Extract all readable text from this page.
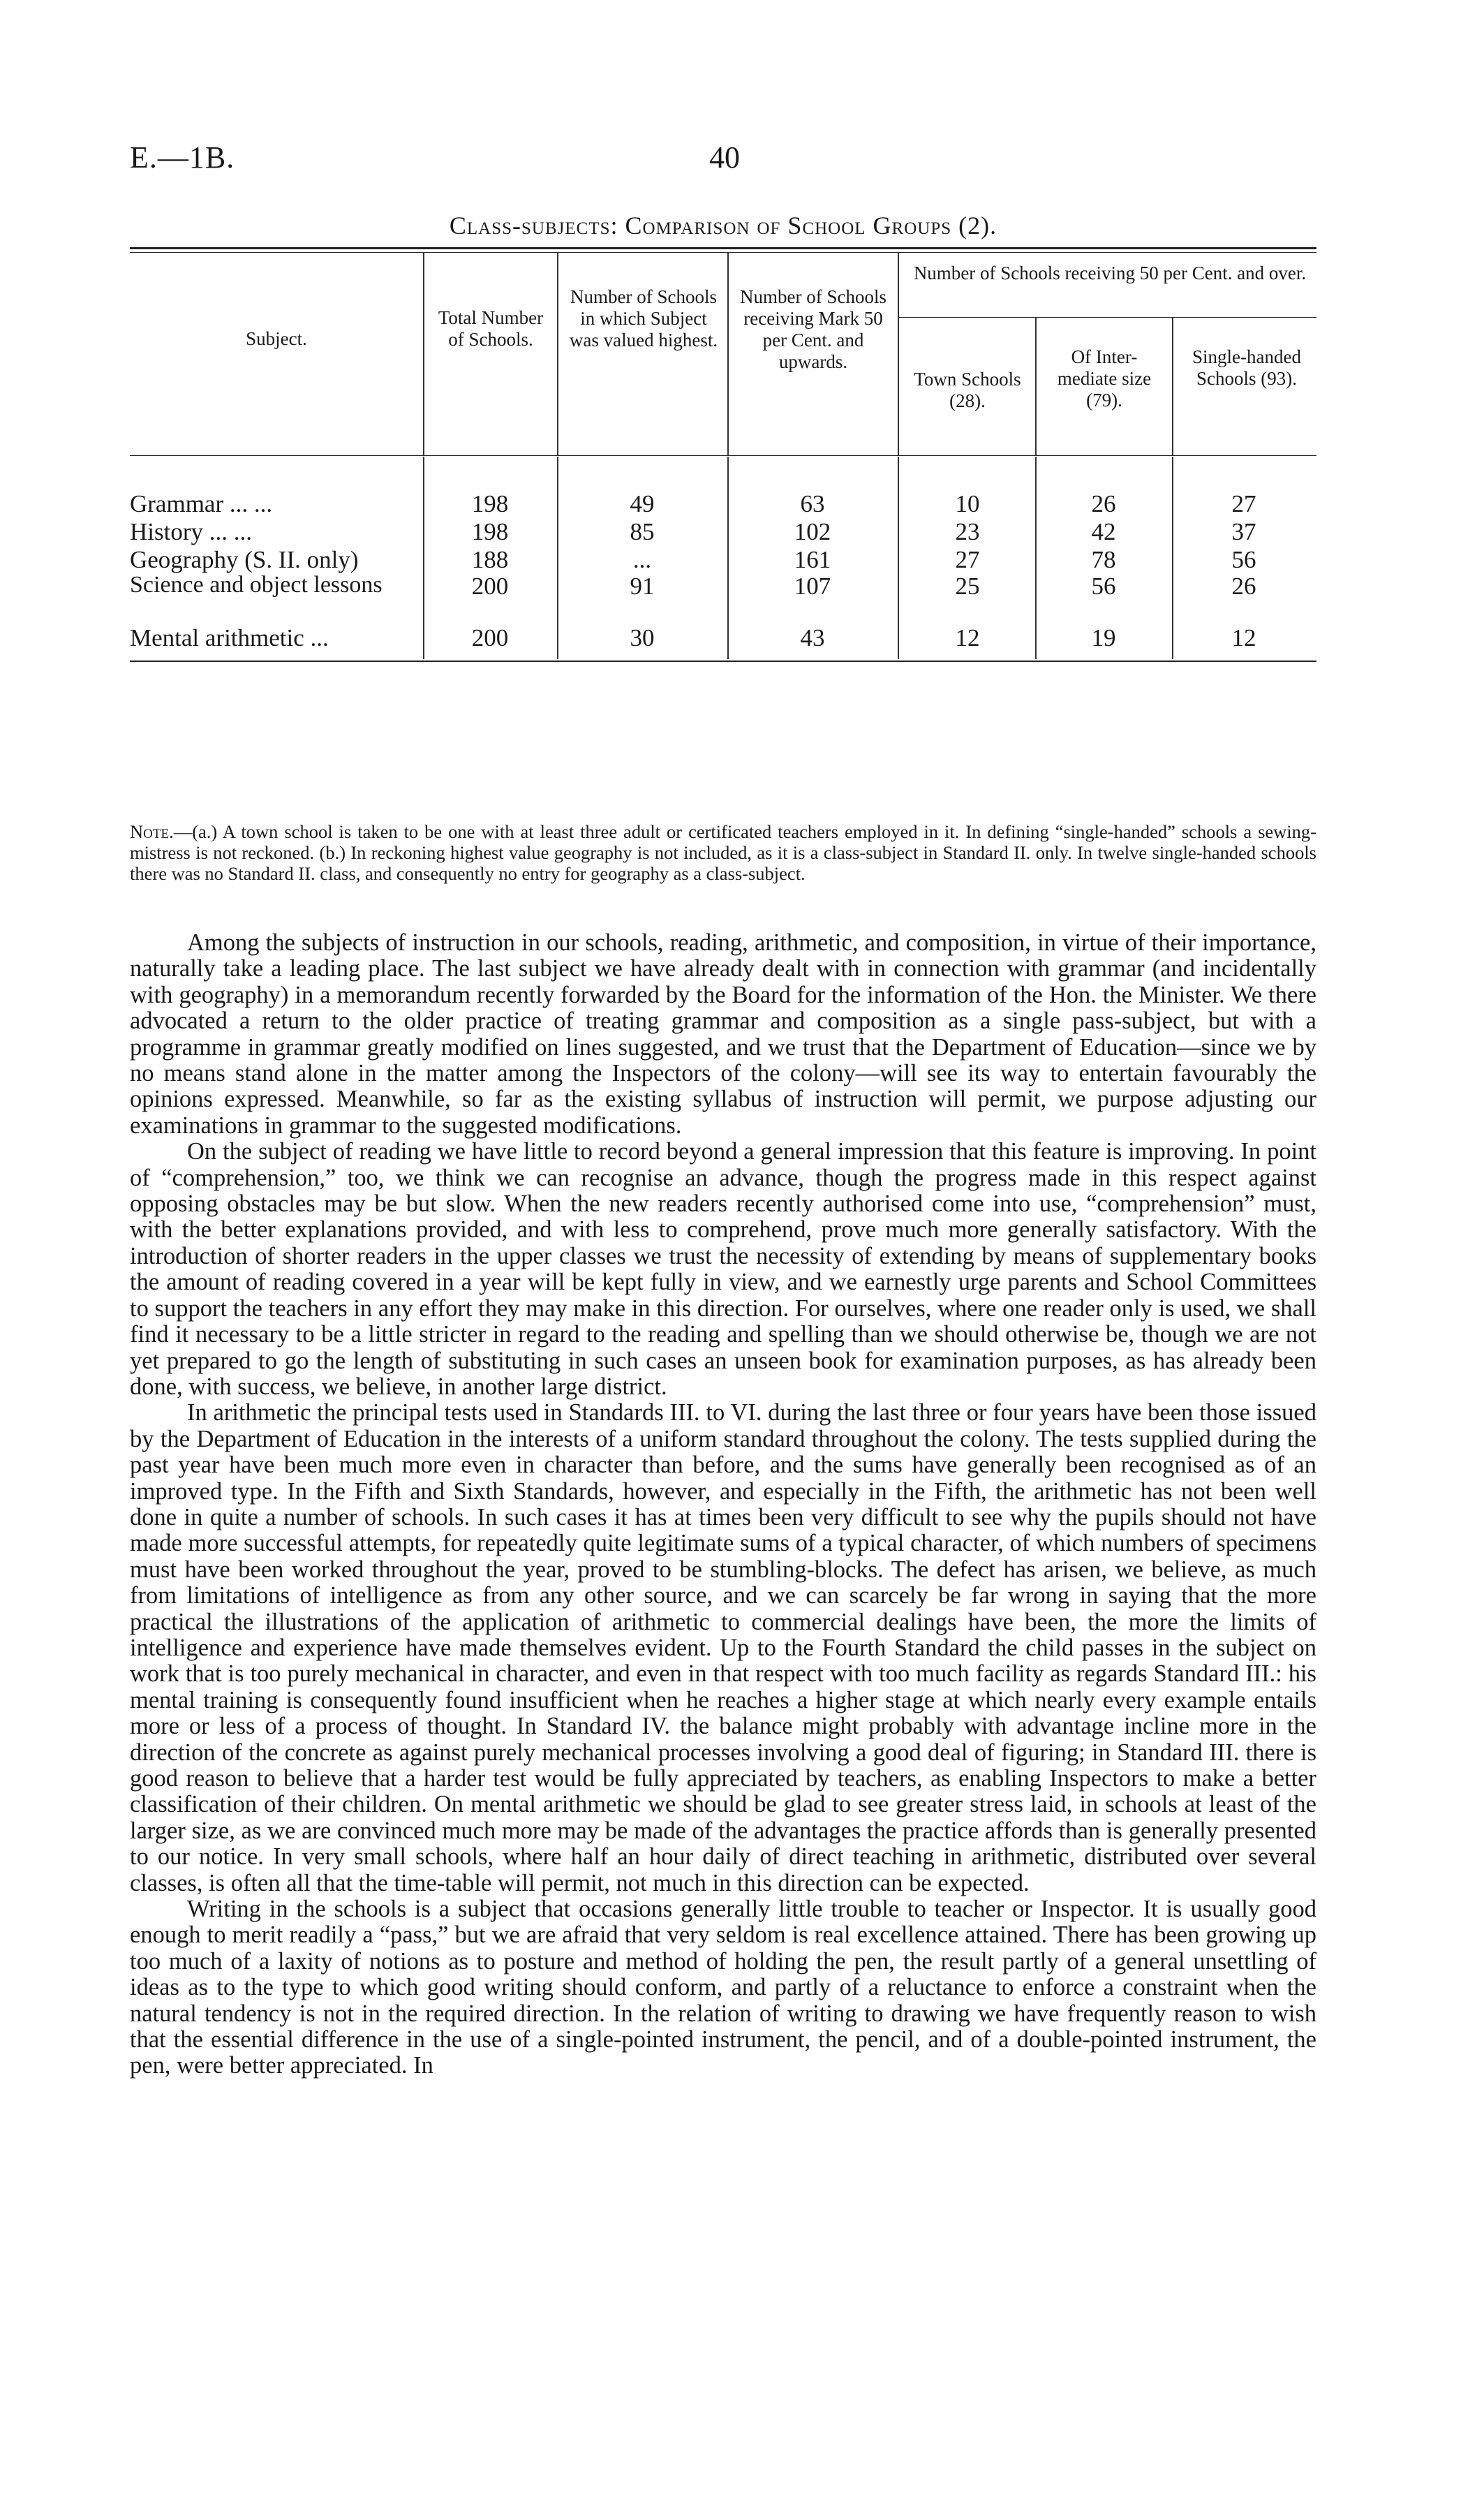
E.—1B.	40
Class-subjects: Comparison of School Groups (2).
Subject.
Total Number of Schools.
Number of Schools in which Subject was valued highest.
Number of Schools receiving Mark 50 per Cent. and upwards.
Number of Schools receiving 50 per Cent. and over.
Town Schools (28).
Of Inter-mediate size (79).
Single-handed Schools (93).
Grammar ... ...	198	49	63	10	26	27
History ... ...	198	85	102	23	42	37
Geography (S. II. only)	188	...	161	27	78	56
Science and object lessons	200	91	107	25	56	26
Mental arithmetic ...	200	30	43	12	19	12
Note.—(a.) A town school is taken to be one with at least three adult or certificated teachers employed in it. In defining “single-handed” schools a sewing-mistress is not reckoned. (b.) In reckoning highest value geography is not included, as it is a class-subject in Standard II. only. In twelve single-handed schools there was no Standard II. class, and consequently no entry for geography as a class-subject.

Among the subjects of instruction in our schools, reading, arithmetic, and composition, in virtue of their importance, naturally take a leading place. The last subject we have already dealt with in connection with grammar (and incidentally with geography) in a memorandum recently forwarded by the Board for the information of the Hon. the Minister. We there advocated a return to the older practice of treating grammar and composition as a single pass-subject, but with a programme in grammar greatly modified on lines suggested, and we trust that the Department of Education—since we by no means stand alone in the matter among the Inspectors of the colony—will see its way to entertain favourably the opinions expressed. Meanwhile, so far as the existing syllabus of instruction will permit, we purpose adjusting our examinations in grammar to the suggested modifications.

On the subject of reading we have little to record beyond a general impression that this feature is improving. In point of “comprehension,” too, we think we can recognise an advance, though the progress made in this respect against opposing obstacles may be but slow. When the new readers recently authorised come into use, “comprehension” must, with the better explanations provided, and with less to comprehend, prove much more generally satisfactory. With the introduction of shorter readers in the upper classes we trust the necessity of extending by means of supplementary books the amount of reading covered in a year will be kept fully in view, and we earnestly urge parents and School Committees to support the teachers in any effort they may make in this direction. For ourselves, where one reader only is used, we shall find it necessary to be a little stricter in regard to the reading and spelling than we should otherwise be, though we are not yet prepared to go the length of substituting in such cases an unseen book for examination purposes, as has already been done, with success, we believe, in another large district.

In arithmetic the principal tests used in Standards III. to VI. during the last three or four years have been those issued by the Department of Education in the interests of a uniform standard throughout the colony. The tests supplied during the past year have been much more even in character than before, and the sums have generally been recognised as of an improved type. In the Fifth and Sixth Standards, however, and especially in the Fifth, the arithmetic has not been well done in quite a number of schools. In such cases it has at times been very difficult to see why the pupils should not have made more successful attempts, for repeatedly quite legitimate sums of a typical character, of which numbers of specimens must have been worked throughout the year, proved to be stumbling-blocks. The defect has arisen, we believe, as much from limitations of intelligence as from any other source, and we can scarcely be far wrong in saying that the more practical the illustrations of the application of arithmetic to commercial dealings have been, the more the limits of intelligence and experience have made themselves evident. Up to the Fourth Standard the child passes in the subject on work that is too purely mechanical in character, and even in that respect with too much facility as regards Standard III.: his mental training is consequently found insufficient when he reaches a higher stage at which nearly every example entails more or less of a process of thought. In Standard IV. the balance might probably with advantage incline more in the direction of the concrete as against purely mechanical processes involving a good deal of figuring; in Standard III. there is good reason to believe that a harder test would be fully appreciated by teachers, as enabling Inspectors to make a better classification of their children. On mental arithmetic we should be glad to see greater stress laid, in schools at least of the larger size, as we are convinced much more may be made of the advantages the practice affords than is generally presented to our notice. In very small schools, where half an hour daily of direct teaching in arithmetic, distributed over several classes, is often all that the time-table will permit, not much in this direction can be expected.

Writing in the schools is a subject that occasions generally little trouble to teacher or Inspector. It is usually good enough to merit readily a “pass,” but we are afraid that very seldom is real excellence attained. There has been growing up too much of a laxity of notions as to posture and method of holding the pen, the result partly of a general unsettling of ideas as to the type to which good writing should conform, and partly of a reluctance to enforce a constraint when the natural tendency is not in the required direction. In the relation of writing to drawing we have frequently reason to wish that the essential difference in the use of a single-pointed instrument, the pencil, and of a double-pointed instrument, the pen, were better appreciated. In
